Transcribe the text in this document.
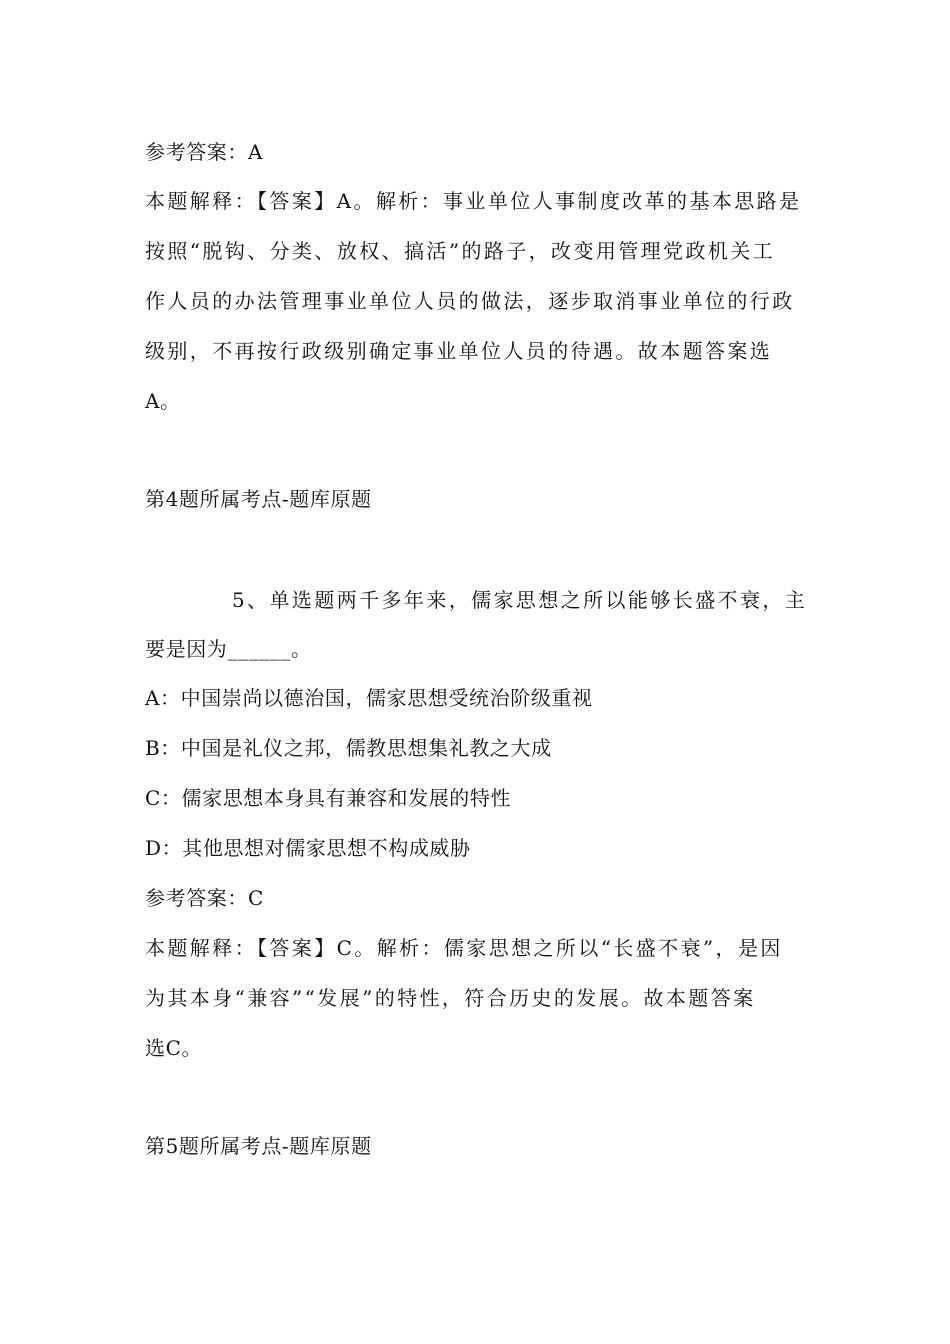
参考答案：A
本题解释：【答案】A。解析：事业单位人事制度改革的基本思路是
按照“脱钩、分类、放权、搞活”的路子，改变用管理党政机关工
作人员的办法管理事业单位人员的做法，逐步取消事业单位的行政
级别，不再按行政级别确定事业单位人员的待遇。故本题答案选
A。
第4题所属考点-题库原题
5、单选题两千多年来，儒家思想之所以能够长盛不衰，主
要是因为______。
A：中国崇尚以德治国，儒家思想受统治阶级重视
B：中国是礼仪之邦，儒教思想集礼教之大成
C：儒家思想本身具有兼容和发展的特性
D：其他思想对儒家思想不构成威胁
参考答案：C
本题解释：【答案】C。解析：儒家思想之所以“长盛不衰”，是因
为其本身“兼容”“发展”的特性，符合历史的发展。故本题答案
选C。
第5题所属考点-题库原题
